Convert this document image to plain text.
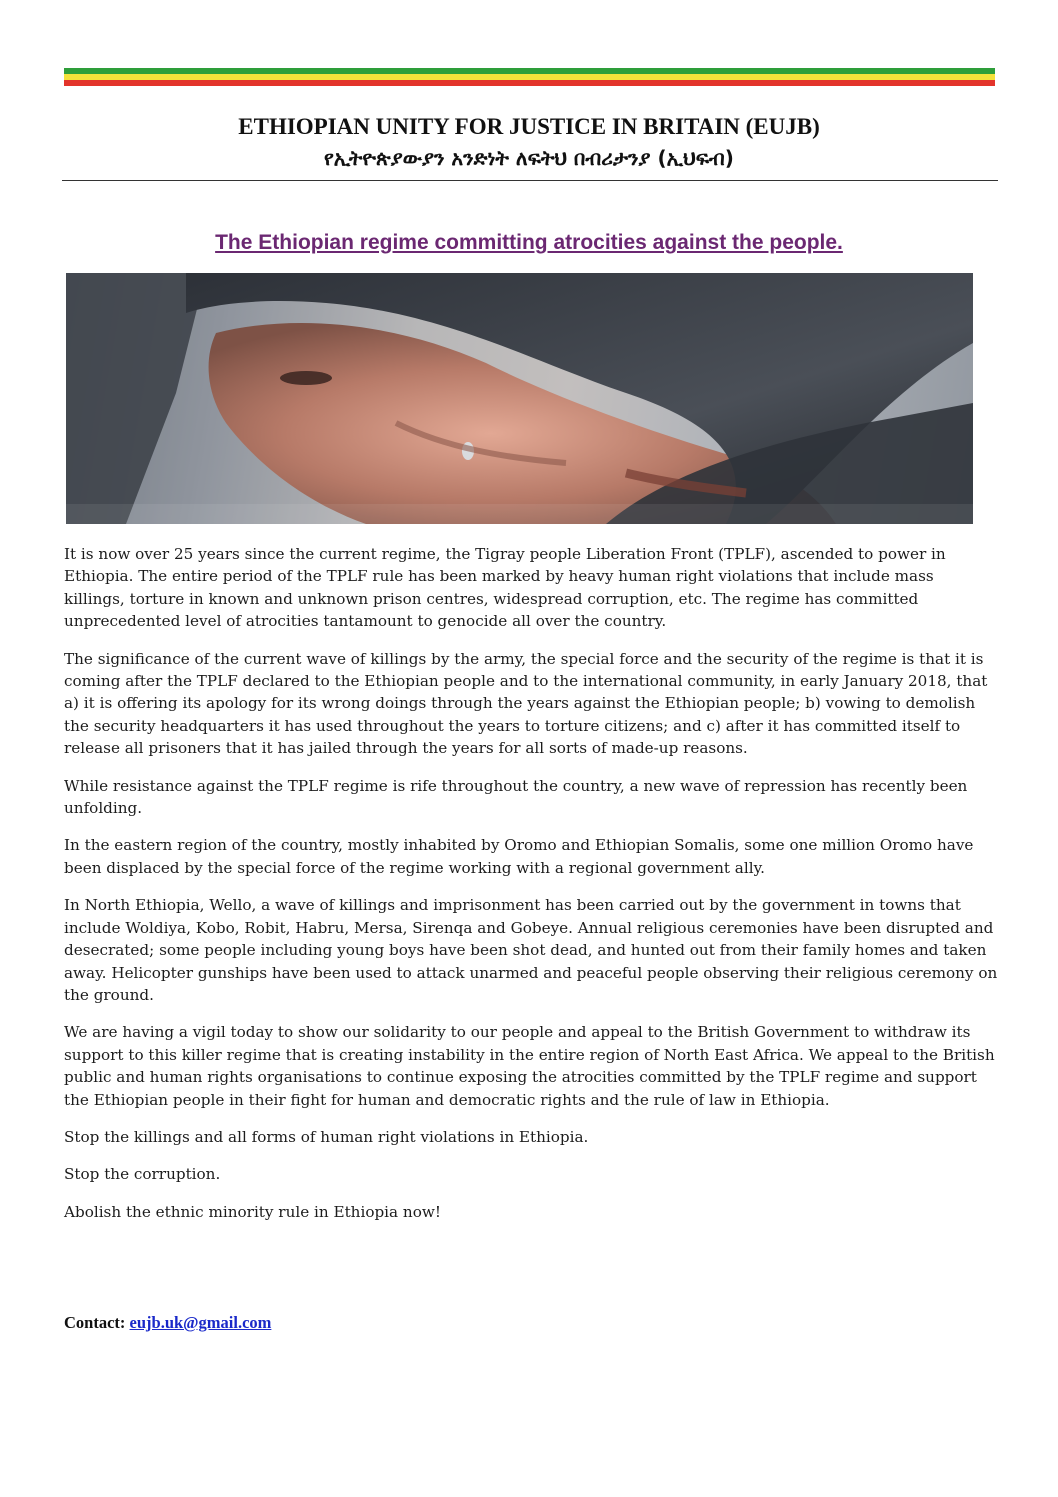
ETHIOPIAN UNITY FOR JUSTICE IN BRITAIN (EUJB)
የኢትዮጵያውያን አንድነት ለፍትህ በብሪታንያ (ኢህፍብ)
The Ethiopian regime committing atrocities against the people.

It is now over 25 years since the current regime, the Tigray people Liberation Front (TPLF), ascended to power in Ethiopia. The entire period of the TPLF rule has been marked by heavy human right violations that include mass killings, torture in known and unknown prison centres, widespread corruption, etc. The regime has committed unprecedented level of atrocities tantamount to genocide all over the country.

The significance of the current wave of killings by the army, the special force and the security of the regime is that it is coming after the TPLF declared to the Ethiopian people and to the international community, in early January 2018, that a) it is offering its apology for its wrong doings through the years against the Ethiopian people; b) vowing to demolish the security headquarters it has used throughout the years to torture citizens; and c) after it has committed itself to release all prisoners that it has jailed through the years for all sorts of made-up reasons.

While resistance against the TPLF regime is rife throughout the country, a new wave of repression has recently been unfolding.

In the eastern region of the country, mostly inhabited by Oromo and Ethiopian Somalis, some one million Oromo have been displaced by the special force of the regime working with a regional government ally.

In North Ethiopia, Wello, a wave of killings and imprisonment has been carried out by the government in towns that include Woldiya, Kobo, Robit, Habru, Mersa, Sirenqa and Gobeye. Annual religious ceremonies have been disrupted and desecrated; some people including young boys have been shot dead, and hunted out from their family homes and taken away. Helicopter gunships have been used to attack unarmed and peaceful people observing their religious ceremony on the ground.

We are having a vigil today to show our solidarity to our people and appeal to the British Government to withdraw its support to this killer regime that is creating instability in the entire region of North East Africa. We appeal to the British public and human rights organisations to continue exposing the atrocities committed by the TPLF regime and support the Ethiopian people in their fight for human and democratic rights and the rule of law in Ethiopia.

Stop the killings and all forms of human right violations in Ethiopia.

Stop the corruption.

Abolish the ethnic minority rule in Ethiopia now!

Contact: eujb.uk@gmail.com
